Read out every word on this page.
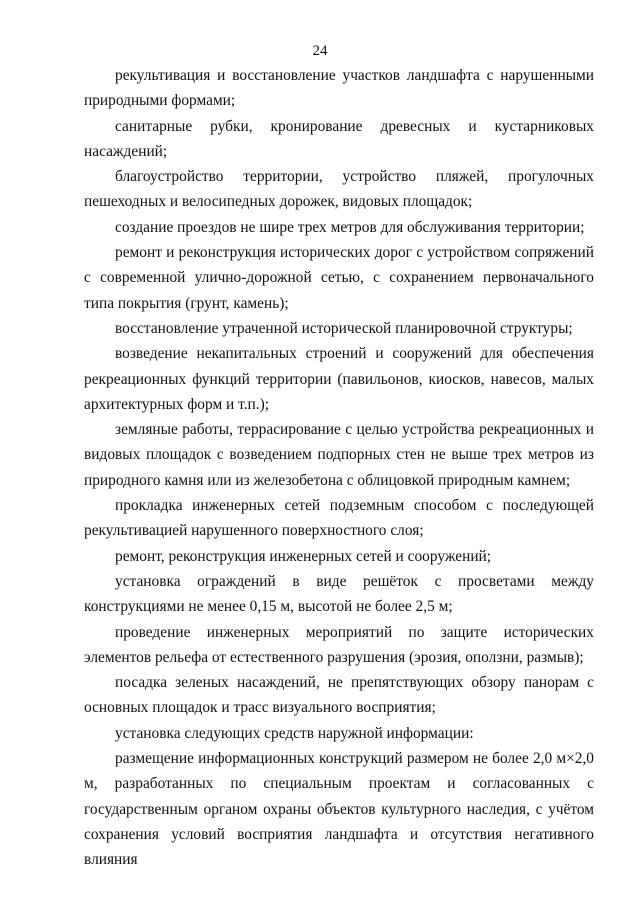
24

рекультивация и восстановление участков ландшафта с нарушенными природными формами;

санитарные рубки, кронирование древесных и кустарниковых насаждений;

благоустройство территории, устройство пляжей, прогулочных пешеходных и велосипедных дорожек, видовых площадок;

создание проездов не шире трех метров для обслуживания территории;

ремонт и реконструкция исторических дорог с устройством сопряжений с современной улично-дорожной сетью, с сохранением первоначального типа покрытия (грунт, камень);

восстановление утраченной исторической планировочной структуры;

возведение некапитальных строений и сооружений для обеспечения рекреационных функций территории (павильонов, киосков, навесов, малых архитектурных форм и т.п.);

земляные работы, террасирование с целью устройства рекреационных и видовых площадок с возведением подпорных стен не выше трех метров из природного камня или из железобетона с облицовкой природным камнем;

прокладка инженерных сетей подземным способом с последующей рекультивацией нарушенного поверхностного слоя;

ремонт, реконструкция инженерных сетей и сооружений;

установка ограждений в виде решёток с просветами между конструкциями не менее 0,15 м, высотой не более 2,5 м;

проведение инженерных мероприятий по защите исторических элементов рельефа от естественного разрушения (эрозия, оползни, размыв);

посадка зеленых насаждений, не препятствующих обзору панорам с основных площадок и трасс визуального восприятия;

установка следующих средств наружной информации:

размещение информационных конструкций размером не более 2,0 м×2,0 м, разработанных по специальным проектам и согласованных с государственным органом охраны объектов культурного наследия, с учётом сохранения условий восприятия ландшафта и отсутствия негативного влияния
